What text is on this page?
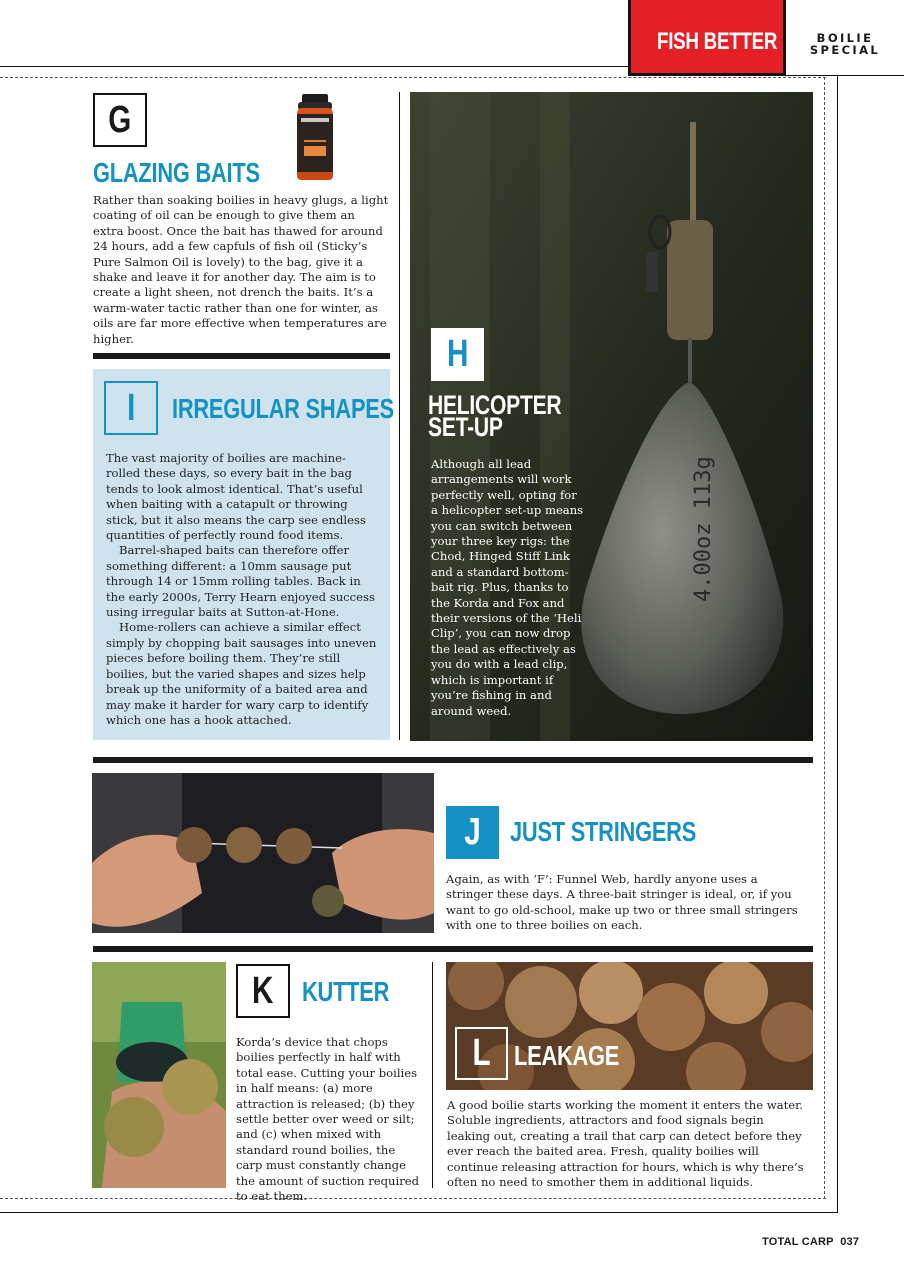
FISH BETTER	BOILIE
SPECIAL
G
GLAZING BAITS
Rather than soaking boilies in heavy glugs, a light coating of oil can be enough to give them an extra boost. Once the bait has thawed for around 24 hours, add a few capfuls of fish oil (Sticky’s Pure Salmon Oil is lovely) to the bag, give it a shake and leave it for another day. The aim is to create a light sheen, not drench the baits. It’s a warm-water tactic rather than one for winter, as oils are far more effective when temperatures are higher.
I	IRREGULAR SHAPES

The vast majority of boilies are machine-rolled these days, so every bait in the bag tends to look almost identical. That’s useful when baiting with a catapult or throwing stick, but it also means the carp see endless quantities of perfectly round food items.

Barrel-shaped baits can therefore offer something different: a 10mm sausage put through 14 or 15mm rolling tables. Back in the early 2000s, Terry Hearn enjoyed success using irregular baits at Sutton-at-Hone.

Home-rollers can achieve a similar effect simply by chopping bait sausages into uneven pieces before boiling them. They’re still boilies, but the varied shapes and sizes help break up the uniformity of a baited area and may make it harder for wary carp to identify which one has a hook attached.

4.00oz 113g
H
HELICOPTER
SET-UP
Although all lead arrangements will work perfectly well, opting for a helicopter set-up means you can switch between your three key rigs: the Chod, Hinged Stiff Link and a standard bottom-bait rig. Plus, thanks to the Korda and Fox and their versions of the ‘Heli Clip’, you can now drop the lead as effectively as you do with a lead clip, which is important if you’re fishing in and around weed.
J	JUST STRINGERS
Again, as with ‘F’: Funnel Web, hardly anyone uses a stringer these days. A three-bait stringer is ideal, or, if you want to go old-school, make up two or three small stringers with one to three boilies on each.
K	KUTTER
Korda’s device that chops boilies perfectly in half with total ease. Cutting your boilies in half means: (a) more attraction is released; (b) they settle better over weed or silt; and (c) when mixed with standard round boilies, the carp must constantly change the amount of suction required to eat them.
L LEAKAGE
A good boilie starts working the moment it enters the water. Soluble ingredients, attractors and food signals begin leaking out, creating a trail that carp can detect before they ever reach the baited area. Fresh, quality boilies will continue releasing attraction for hours, which is why there’s often no need to smother them in additional liquids.
TOTAL CARP 037
